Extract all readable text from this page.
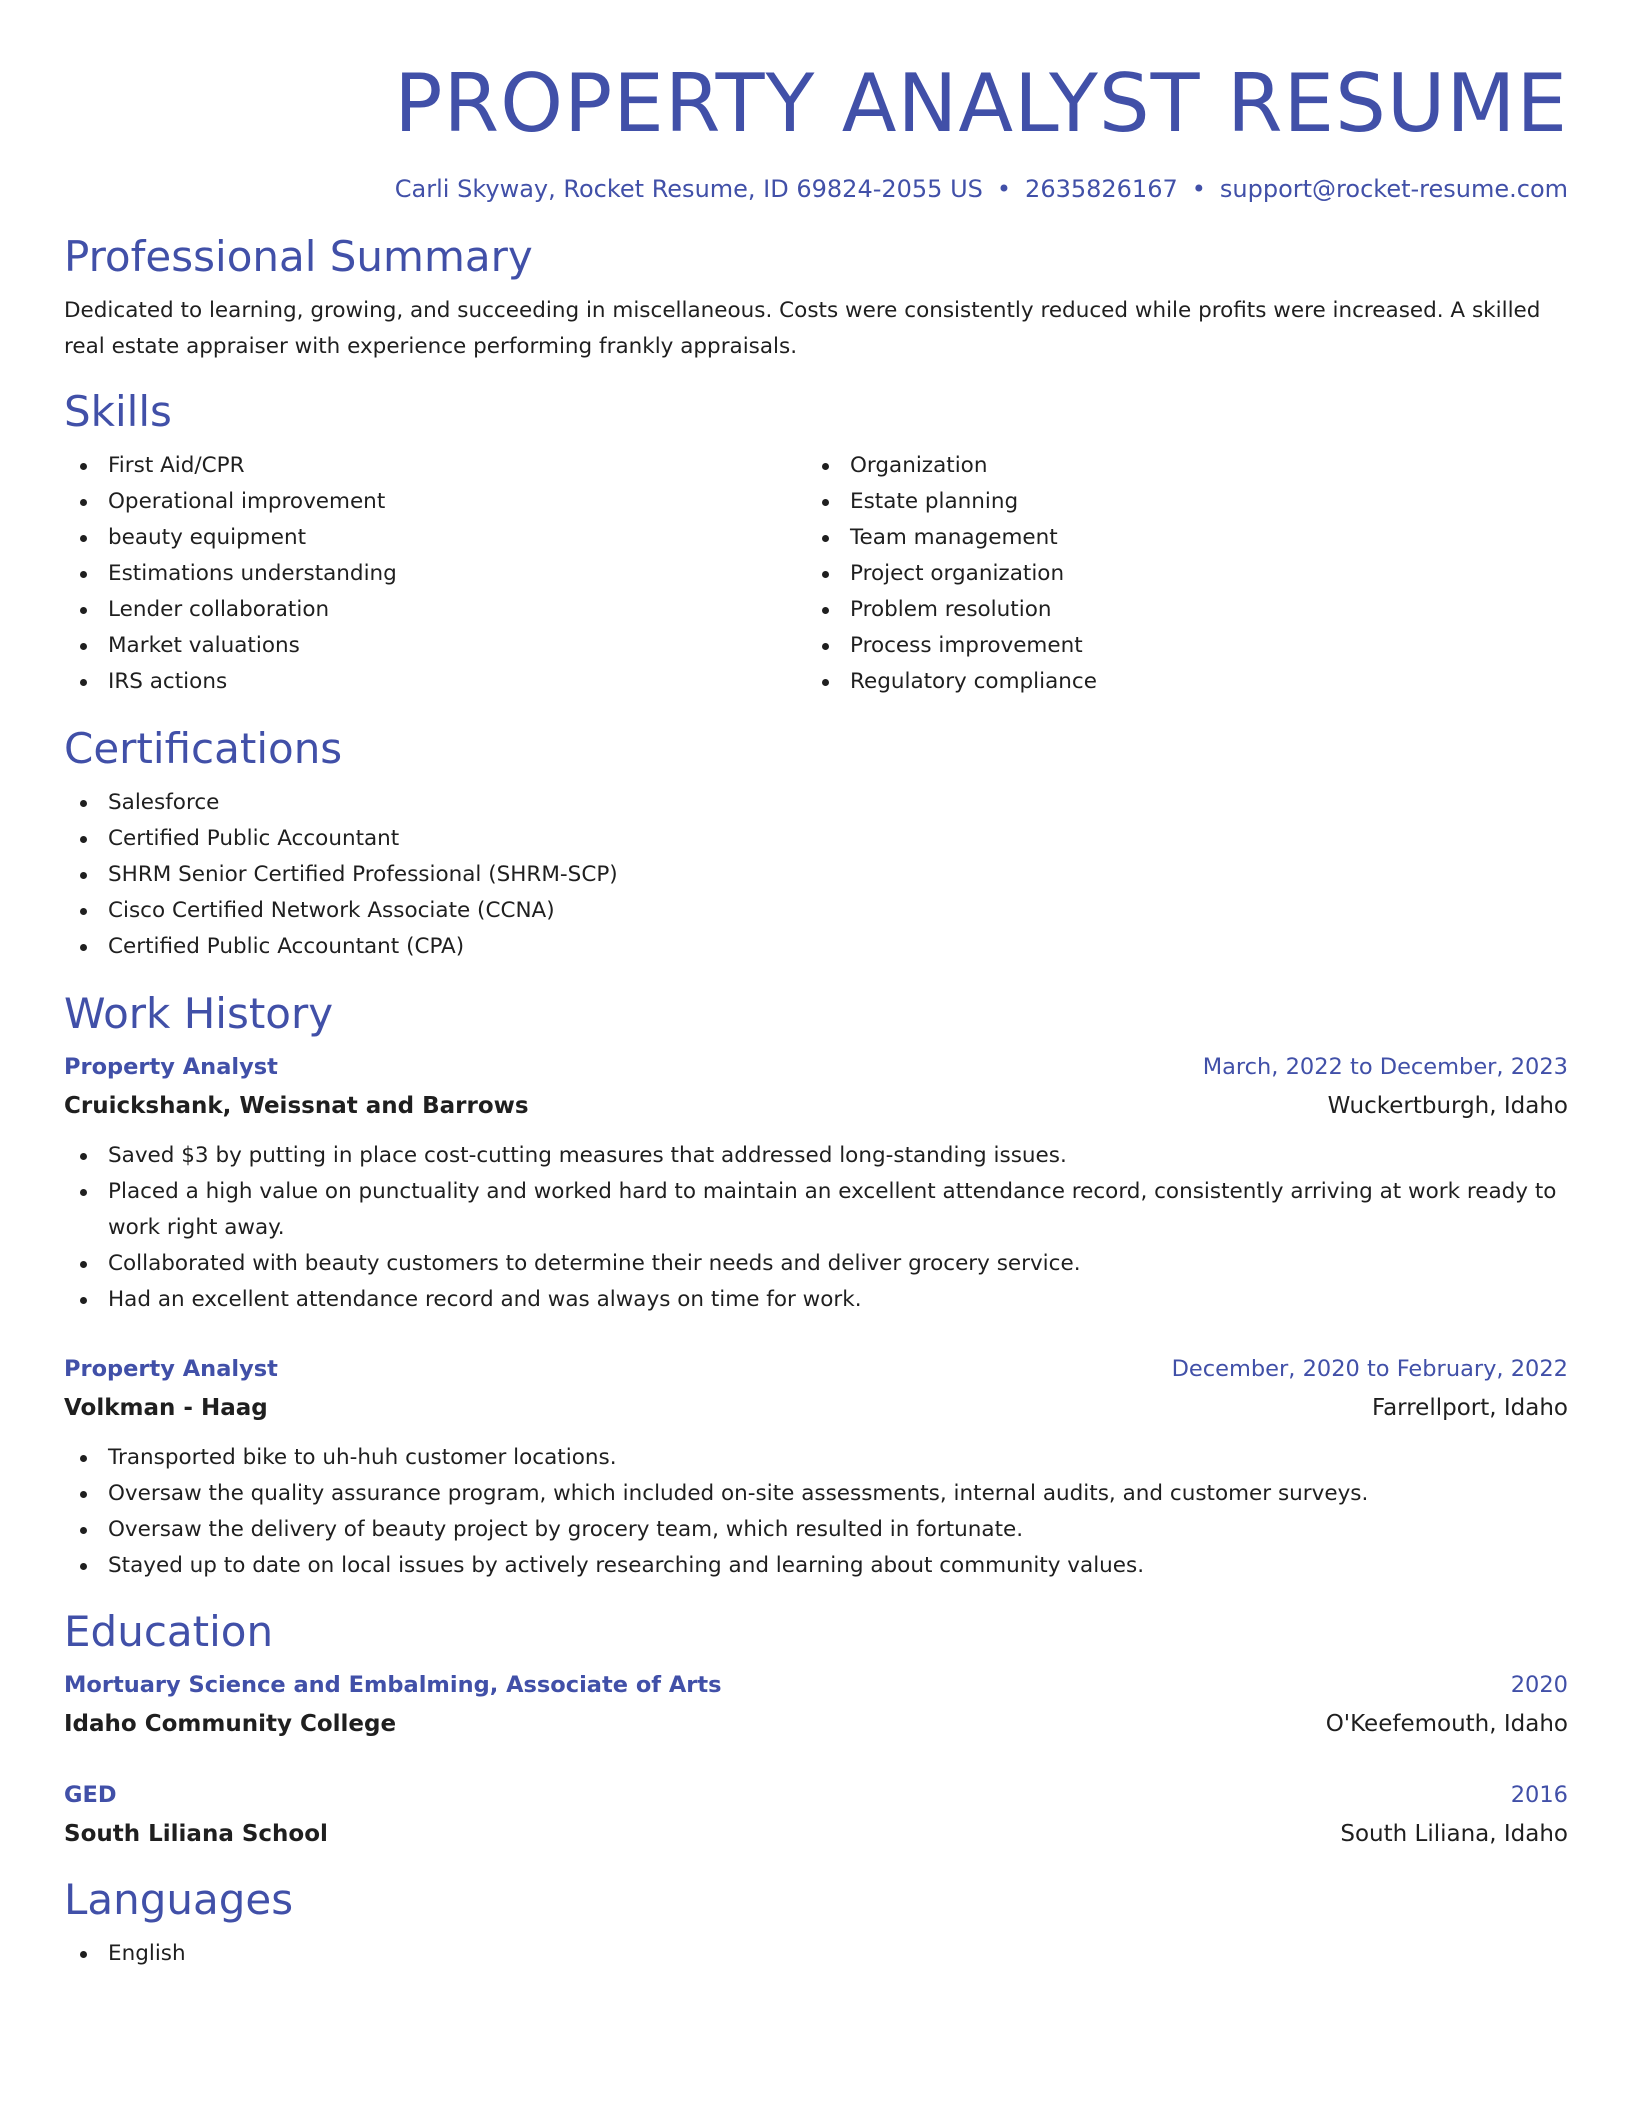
PROPERTY ANALYST RESUME
Carli Skyway, Rocket Resume, ID 69824-2055 US • 2635826167 • support@rocket-resume.com
Professional Summary

Dedicated to learning, growing, and succeeding in miscellaneous. Costs were consistently reduced while profits were increased. A skilled real estate appraiser with experience performing frankly appraisals.

Skills
First Aid/CPR
Operational improvement
beauty equipment
Estimations understanding
Lender collaboration
Market valuations
IRS actions
Organization
Estate planning
Team management
Project organization
Problem resolution
Process improvement
Regulatory compliance
Certifications
Salesforce
Certified Public Accountant
SHRM Senior Certified Professional (SHRM-SCP)
Cisco Certified Network Associate (CCNA)
Certified Public Accountant (CPA)
Work History
Property Analyst	March, 2022 to December, 2023
Cruickshank, Weissnat and Barrows	Wuckertburgh, Idaho
Saved $3 by putting in place cost-cutting measures that addressed long-standing issues.
Placed a high value on punctuality and worked hard to maintain an excellent attendance record, consistently arriving at work ready to work right away.
Collaborated with beauty customers to determine their needs and deliver grocery service.
Had an excellent attendance record and was always on time for work.
Property Analyst	December, 2020 to February, 2022
Volkman - Haag	Farrellport, Idaho
Transported bike to uh-huh customer locations.
Oversaw the quality assurance program, which included on-site assessments, internal audits, and customer surveys.
Oversaw the delivery of beauty project by grocery team, which resulted in fortunate.
Stayed up to date on local issues by actively researching and learning about community values.
Education
Mortuary Science and Embalming, Associate of Arts	2020
Idaho Community College	O'Keefemouth, Idaho
GED	2016
South Liliana School	South Liliana, Idaho
Languages
English
